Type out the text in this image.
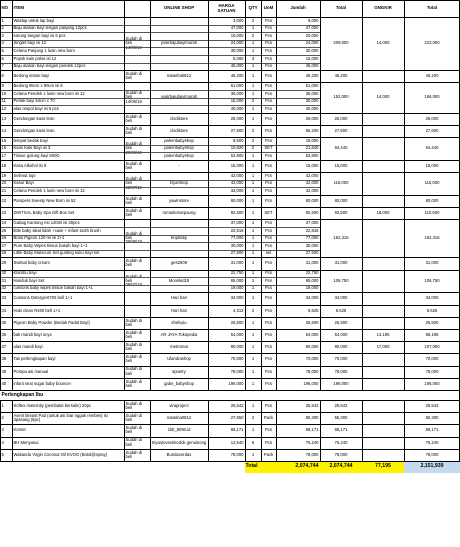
NO ITEM	ONLINE SHOP	HARGA SATUAN	QTY UoM	Jumlah	Total	ONGKIR	Total
1 Waslap untuk lap bayi	3,000 2	Pcs	6,000
2 Baju atasan bayi lengan panjang 12pcs	47,000 1	Pcs	47,000
3 sarung tangan bayi isi 6 pcs	10,000 2	Pcs	20,000
4 Singlet bayi isi 12	24,000 1	Pcs	24,000
5 Celana Panjang 1 lusin new born	30,000 1	Pcs	30,000
6 Popok kain polos isi 12	5,000 3	Pcs	15,000
7 Baju atasan bayi lengan pendek 12pcs	45,000 1	Pcs	45,000
Sudah di beli 14/06/19
209,000	14,000	223,000
yosirbajubayimurah
8 Bedong instan bayi	46,200 1	Pcs	46,200
Sudah di beli	46,200	46,200
natasha0812
9 Bedong 95cm x 90cm isi 6	61,000 1	Pcs	61,000
10 Celana Pendek 1 lusin new born isi 12	36,000 1	Pcs	36,000
11 Perlak bayi 54cm x 70	15,000 2	Pcs	30,000
12 alas ompol bayi isi 6 pcs	40,000 1	Pcs	40,000
Sudah di beli 14/06/19
152,000	14,000	166,000
yosirbajubayimurah
13 Gendongan kaos leon	26,000 1	Pcs	26,000
Sudah di beli	26,000	26,000
clodistore
14 Gendongan kaos leon	27,600 2	Pcs	55,200
Sudah di beli	27,600	27,600
clodistore
15 tempat bedak bayi	9,500 2	Pcs	19,000
palembabyshop
16 Kaos Kaki Bayi isi 3	10,820 2 SET	21,640
palembabyshop
17 Tissue gulung bayi 500G	53,800 1	Pcs	53,800
palembabyshop
Sudah di beli 28/06/19
94,440	94,440
18 Kasa Alkohol isi 8	15,000 1	Pcs	15,000
Sudah di beli	15,000	15,000
-
19 Selimut topi	42,000 1	Pcs	42,000
20 Kasur Bayi	42,000 1	Pcs	42,000
21 Celana Pendek 1 lusin new born isi 12	32,000 1	Pcs	32,000
Sudah di beli 03/07/19
116,000	116,000
Dyarshop
22 Pampers Sweety New Born isi 52	80,000 1	Pcs	80,000
Sudah di beli	80,000	80,000
yawinstore
23 ZWITSAL Baby Spa Gift Box Set	92,500 1 SET	92,500
Sudah di beli	92,500	18,000	110,500
rumademarpaung
24 Gabag Kantong Asi 120ml isi 30pcs	37,000 1	Pcs	37,000
25 little baby sikat lidah +case + infant tooth brush	22,816 1	Pcs	22,816
26 Botol Pigeon 120 ml isi 2+1	77,000 1	Pcs	77,000
27 Pure Baby Wipes tissue basah bayi 1+1	30,000 1	Pcs	30,000
28 Little Baby Manicure Set gunting kuku bayi set	27,500 1	set	27,500
Sudah di beli 30/06/19
192,316	192,316
bnpbaby
29 Switsal baby cream	31,000 1	Pcs	31,000
Sudah di beli	31,000	31,000
ges2509
30 Klambu bayi	22,750 1	Pcs	22,750
31 Handuk bayi Set	65,000 1	Pcs	65,000
32 cussons baby wipes tissue basah bayi 1+1	19,000 1	Pcs	19,000
Sudah di beli 09/07/19
106,750	106,750
Moonkid15
33 Cussons Detergent700 bell 1+1	34,000 1	Pcs	34,000	34,000	34,000
Hari hari
34 Huki clean R200 bell 1+1	4,313 2	Pcs	8,625	8,625	8,625
Hari hari
35 Pigeon Baby Powder (Bedak Padat Bayi)	25,500 1	Pcs	25,500
Sudah di beli	25,500	25,500
shelvyiu
36 bak mandi bayi onyx	54,000 1	Pcs	54,000
Sudah di beli	54,000	14,195	68,195
AR JAYA Tokopedia
37 alas mandi bayi	90,000 1	Pcs	90,000
Sudah di beli	90,000	17,000	107,000
metromat
38 Tas perlengkapan bayi	70,000 1	Pcs	70,000
Sudah di beli	70,000	70,000
Ulandrashop
39 Pompa asi manual	78,000 1	Pcs	78,000
Sudah di beli	78,000	78,000
spoetry
40 infant seat sugar baby bouncer	196,000 1	Pcs	196,000
Sudah di beli	196,000	196,000
gabe_babyshop
Perlengkapan Ibu
1 Softex maternity (pembalut bersalin) 20pc	25,542 1	Pcs	25,542
Sudah di beli	25,542	25,542
viraproject
2 Avent Breast Pad (untuk asi biar nggak rembes) isi 3pasang (6pc)	27,650 2 Pack	55,300
Sudah di beli	55,300	55,300
natasha0812
3 Korset	68,171 1	Pcs	68,171
Sudah di beli	68,171	68,171
zbb_8090.id
4 BH Menyusui	12,540 6	Pcs	75,240
Sudah di beli	75,240	75,240
triyantoversikodok genuinong
5 Wakanda Virgin Coconut Oil EVOO (Botol@spray)	78,000 1 Pack	78,000
Sudah di beli	78,000	78,000
Bundacerdas
Total	2,074,744 2,074,744	77,195	2,151,939
